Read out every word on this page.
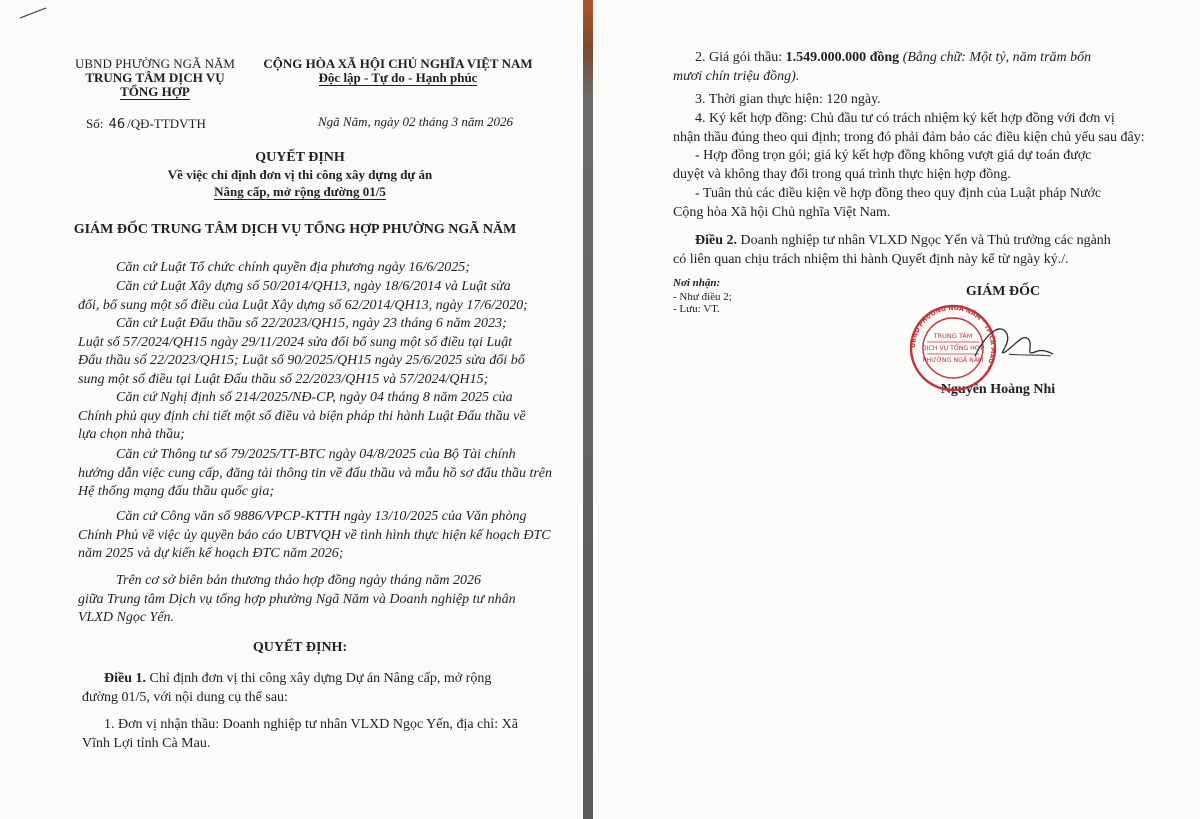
UBND PHƯỜNG NGÃ NĂM
TRUNG TÂM DỊCH VỤ
TỔNG HỢP
CỘNG HÒA XÃ HỘI CHỦ NGHĨA VIỆT NAM
Độc lập - Tự do - Hạnh phúc
Số: 46 /QĐ-TTDVTH	Ngã Năm, ngày 02 tháng 3 năm 2026
QUYẾT ĐỊNH
Về việc chỉ định đơn vị thi công xây dựng dự án
Nâng cấp, mở rộng đường 01/5
GIÁM ĐỐC TRUNG TÂM DỊCH VỤ TỔNG HỢP PHƯỜNG NGÃ NĂM
Căn cứ Luật Tổ chức chính quyền địa phương ngày 16/6/2025;
Căn cứ Luật Xây dựng số 50/2014/QH13, ngày 18/6/2014 và Luật sửa
đổi, bổ sung một số điều của Luật Xây dựng số 62/2014/QH13, ngày 17/6/2020;
Căn cứ Luật Đấu thầu số 22/2023/QH15, ngày 23 tháng 6 năm 2023;
Luật số 57/2024/QH15 ngày 29/11/2024 sửa đổi bổ sung một số điều tại Luật
Đấu thầu số 22/2023/QH15; Luật số 90/2025/QH15 ngày 25/6/2025 sửa đổi bổ
sung một số điều tại Luật Đấu thầu số 22/2023/QH15 và 57/2024/QH15;
Căn cứ Nghị định số 214/2025/NĐ-CP, ngày 04 tháng 8 năm 2025 của
Chính phủ quy định chi tiết một số điều và biện pháp thi hành Luật Đấu thầu về
lựa chọn nhà thầu;
Căn cứ Thông tư số 79/2025/TT-BTC ngày 04/8/2025 của Bộ Tài chính
hướng dẫn việc cung cấp, đăng tải thông tin về đấu thầu và mẫu hồ sơ đấu thầu trên
Hệ thống mạng đấu thầu quốc gia;
Căn cứ Công văn số 9886/VPCP-KTTH ngày 13/10/2025 của Văn phòng
Chính Phủ về việc ủy quyền báo cáo UBTVQH về tình hình thực hiện kế hoạch ĐTC
năm 2025 và dự kiến kế hoạch ĐTC năm 2026;
Trên cơ sở biên bản thương thảo hợp đồng ngày tháng năm 2026
giữa Trung tâm Dịch vụ tổng hợp phường Ngã Năm và Doanh nghiệp tư nhân
VLXD Ngọc Yến.
QUYẾT ĐỊNH:
Điều 1. Chỉ định đơn vị thi công xây dựng Dự án Nâng cấp, mở rộng
đường 01/5, với nội dung cụ thể sau:
1. Đơn vị nhận thầu: Doanh nghiệp tư nhân VLXD Ngọc Yến, địa chỉ: Xã
Vĩnh Lợi tỉnh Cà Mau.
2. Giá gói thầu: 1.549.000.000 đồng (Bằng chữ: Một tỷ, năm trăm bốn
mươi chín triệu đồng).
3. Thời gian thực hiện: 120 ngày.
4. Ký kết hợp đồng: Chủ đầu tư có trách nhiệm ký kết hợp đồng với đơn vị
nhận thầu đúng theo qui định; trong đó phải đảm bảo các điều kiện chủ yếu sau đây:
- Hợp đồng trọn gói; giá ký kết hợp đồng không vượt giá dự toán được
duyệt và không thay đổi trong quá trình thực hiện hợp đồng.
- Tuân thủ các điều kiện về hợp đồng theo quy định của Luật pháp Nước
Cộng hòa Xã hội Chủ nghĩa Việt Nam.
Điều 2. Doanh nghiệp tư nhân VLXD Ngọc Yến và Thủ trưởng các ngành
có liên quan chịu trách nhiệm thi hành Quyết định này kể từ ngày ký./.
Nơi nhận:
- Như điều 2;
- Lưu: VT.
GIÁM ĐỐC
Nguyễn Hoàng Nhi
UBND PHƯỜNG NGÃ NĂM * TP CÀ MAU *
TRUNG TÂM
DỊCH VỤ TỔNG HỢP
PHƯỜNG NGÃ NĂM
